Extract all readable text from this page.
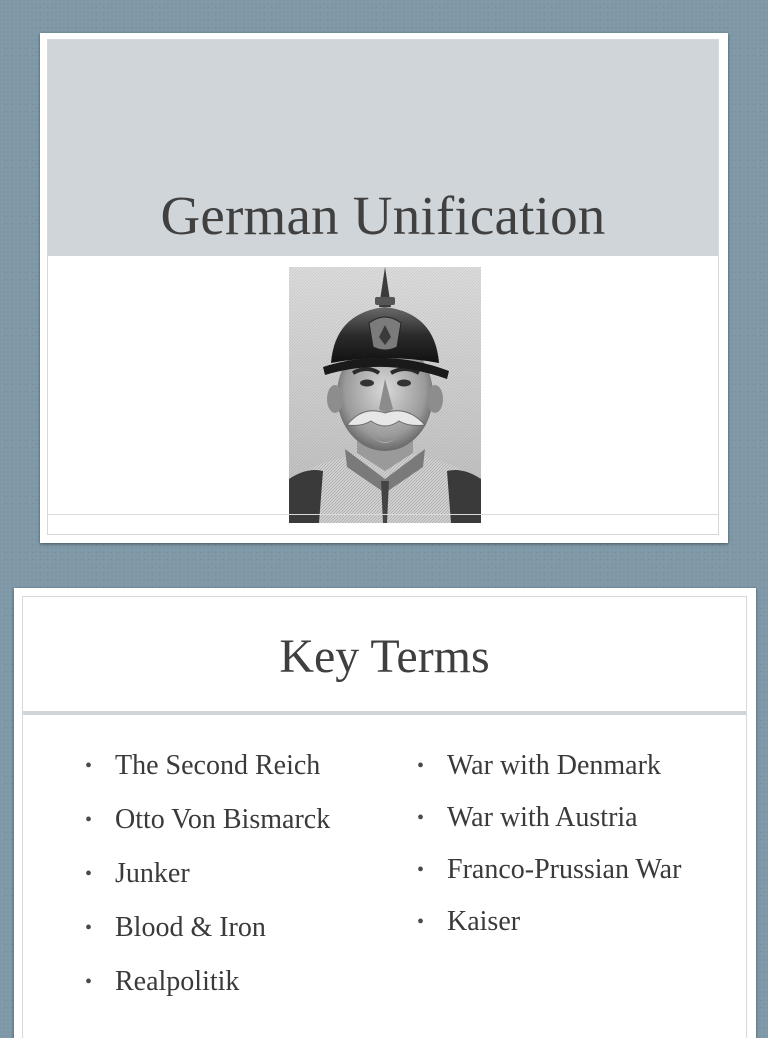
German Unification
Key Terms
• The Second Reich
• Otto Von Bismarck
• Junker
• Blood & Iron
• Realpolitik
• War with Denmark
• War with Austria
• Franco-Prussian War
• Kaiser
